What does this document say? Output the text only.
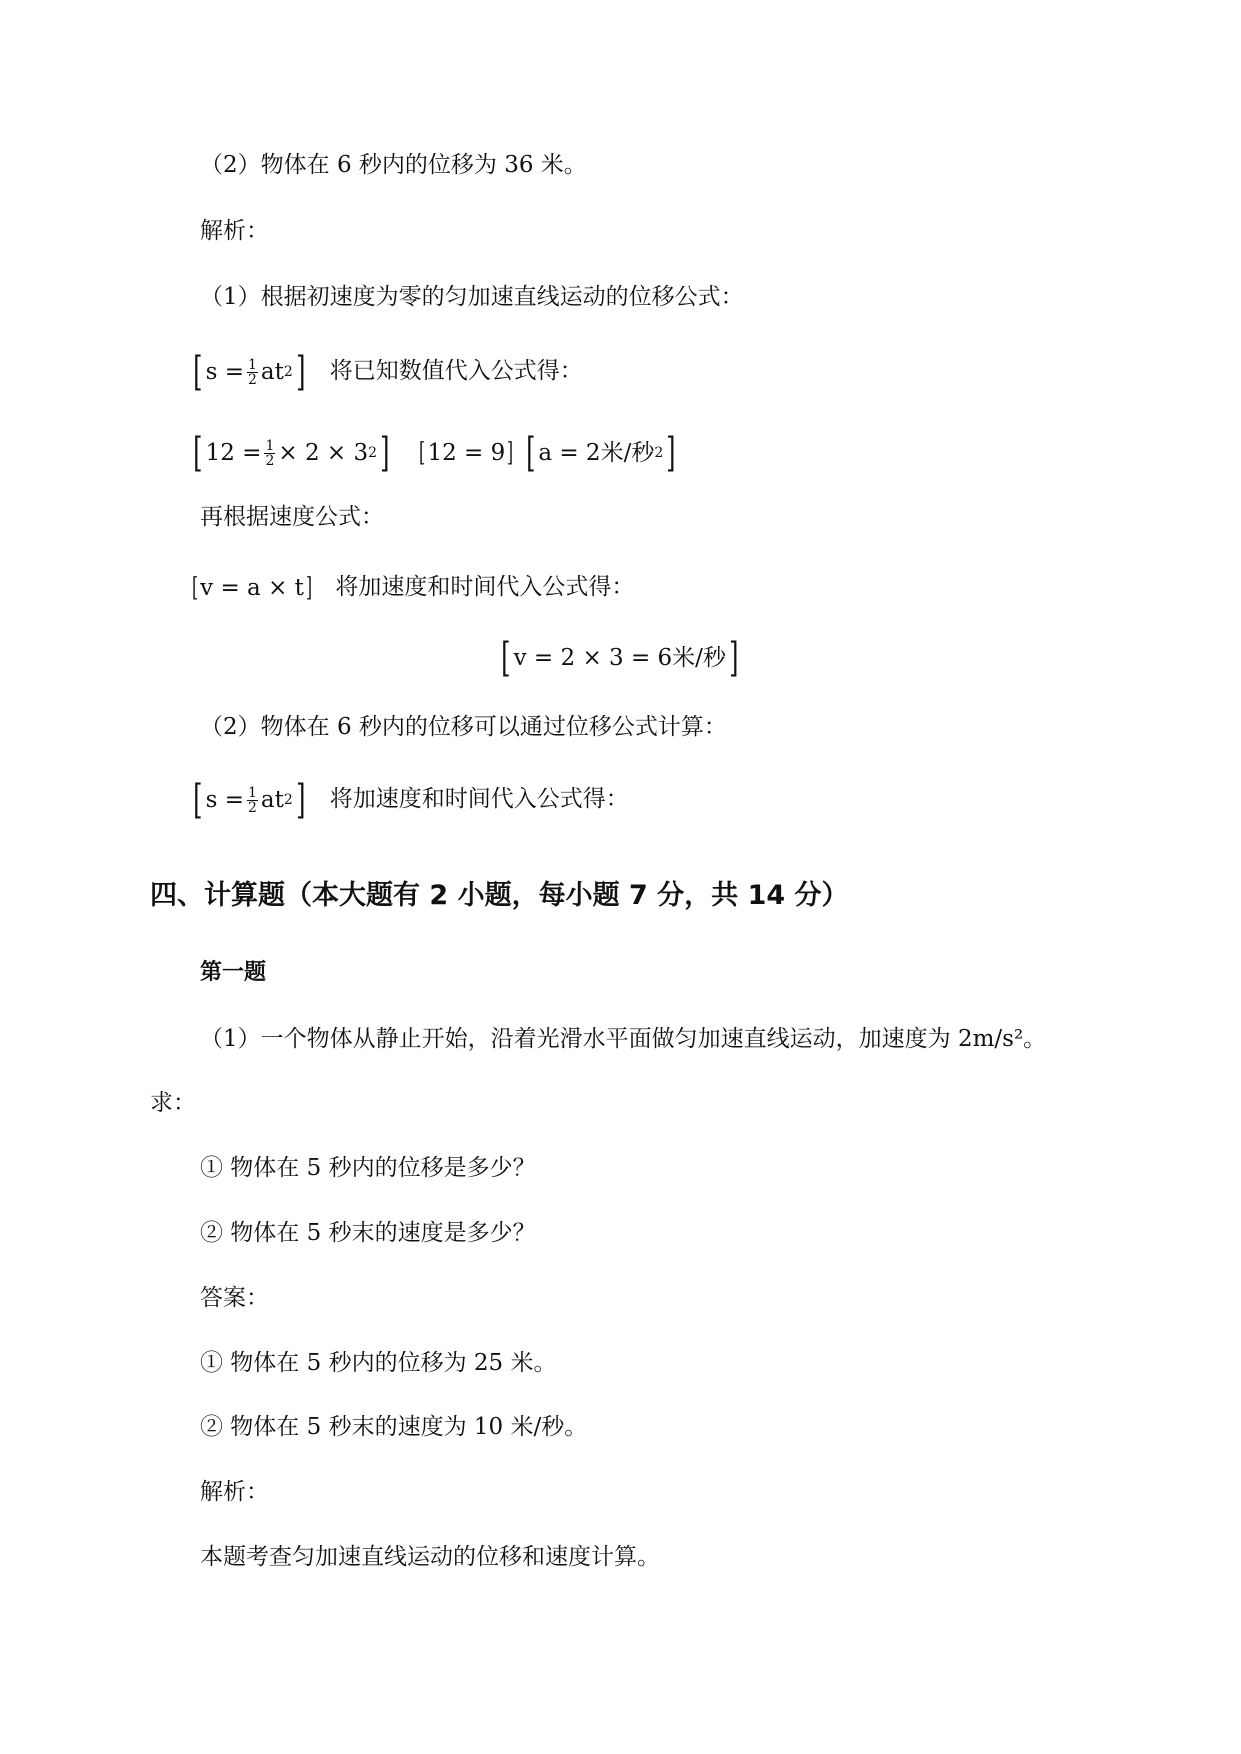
（2）物体在 6 秒内的位移为 36 米。
解析：
（1）根据初速度为零的匀加速直线运动的位移公式：
[ $s = \frac{1}{2}$ at 2 ] 将已知数值代入公式得：
[ $12 = \frac{1}{2} \times 2 \times 3$ 2 ]
[ 12 = 9 ]
[ a = 2米/秒 2 ]
再根据速度公式：
[ v = a × t ] 将加速度和时间代入公式得：
[ v = 2 × 3 = 6米/秒 ]
（2）物体在 6 秒内的位移可以通过位移公式计算：
[ $s = \frac{1}{2}$ at 2 ] 将加速度和时间代入公式得：
四、计算题（本大题有 2 小题，每小题 7 分，共 14 分）
第一题
（1）一个物体从静止开始，沿着光滑水平面做匀加速直线运动，加速度为 2m/s²。
求：
① 物体在 5 秒内的位移是多少？
② 物体在 5 秒末的速度是多少？
答案：
① 物体在 5 秒内的位移为 25 米。
② 物体在 5 秒末的速度为 10 米/秒。
解析：
本题考查匀加速直线运动的位移和速度计算。
